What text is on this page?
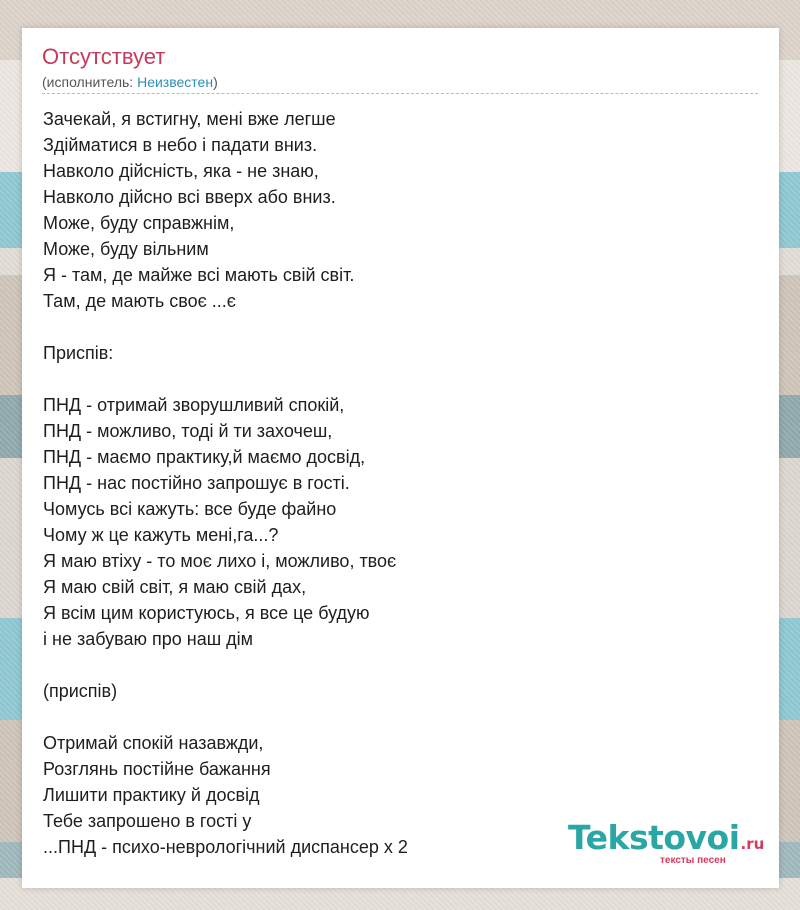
Отсутствует
(исполнитель: Неизвестен)
Зачекай, я встигну, мені вже легше
Здійматися в небо і падати вниз.
Навколо дійсність, яка - не знаю,
Навколо дійсно всі вверх або вниз.
Може, буду справжнім,
Може, буду вільним
Я - там, де майже всі мають свій світ.
Там, де мають своє ...є
Приспів:
ПНД - отримай зворушливий спокій,
ПНД - можливо, тоді й ти захочеш,
ПНД - маємо практику,й маємо досвід,
ПНД - нас постійно запрошує в гості.
Чомусь всі кажуть: все буде файно
Чому ж це кажуть мені,га...?
Я маю втіху - то моє лихо і, можливо, твоє
Я маю свій світ, я маю свій дах,
Я всім цим користуюсь, я все це будую
і не забуваю про наш дім
(приспів)
Отримай спокій назавжди,
Розглянь постійне бажання
Лишити практику й досвід
Тебе запрошено в гості у
...ПНД - психо-неврологічний диспансер х 2	Tekstovoi.ru
тексты песен
